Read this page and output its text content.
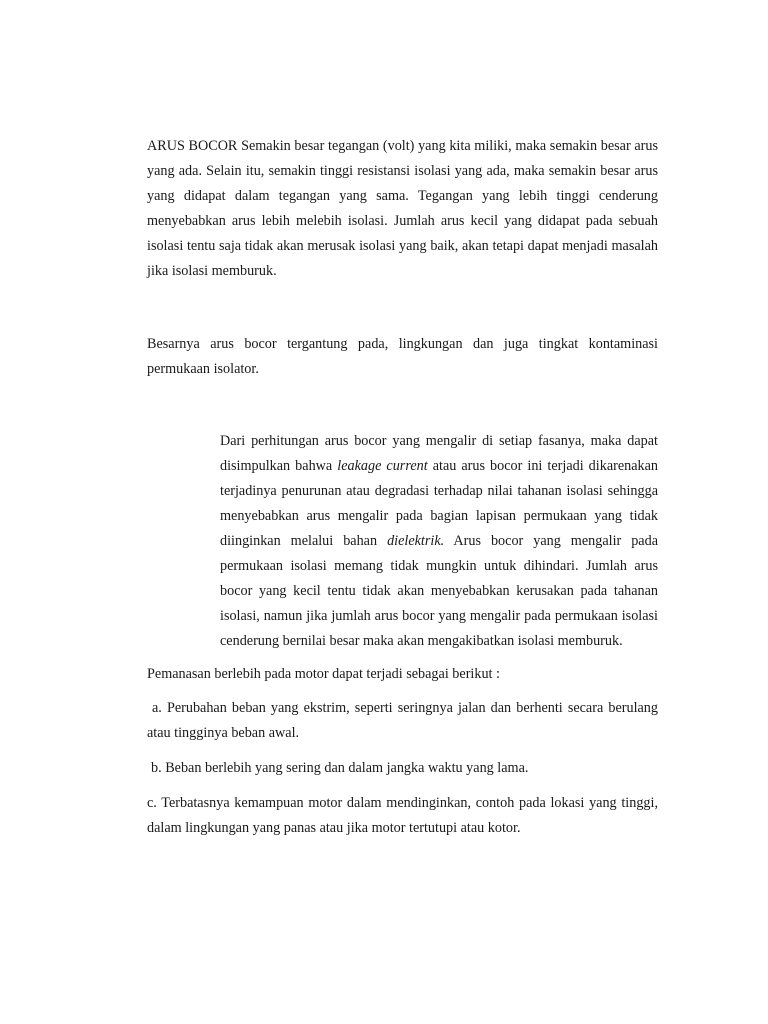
ARUS BOCOR Semakin besar tegangan (volt) yang kita miliki, maka semakin besar arus yang ada. Selain itu, semakin tinggi resistansi isolasi yang ada, maka semakin besar arus yang didapat dalam tegangan yang sama. Tegangan yang lebih tinggi cenderung menyebabkan arus lebih melebih isolasi. Jumlah arus kecil yang didapat pada sebuah isolasi tentu saja tidak akan merusak isolasi yang baik, akan tetapi dapat menjadi masalah jika isolasi memburuk.

Besarnya arus bocor tergantung pada, lingkungan dan juga tingkat kontaminasi permukaan isolator.

Dari perhitungan arus bocor yang mengalir di setiap fasanya, maka dapat disimpulkan bahwa leakage current atau arus bocor ini terjadi dikarenakan terjadinya penurunan atau degradasi terhadap nilai tahanan isolasi sehingga menyebabkan arus mengalir pada bagian lapisan permukaan yang tidak diinginkan melalui bahan dielektrik. Arus bocor yang mengalir pada permukaan isolasi memang tidak mungkin untuk dihindari. Jumlah arus bocor yang kecil tentu tidak akan menyebabkan kerusakan pada tahanan isolasi, namun jika jumlah arus bocor yang mengalir pada permukaan isolasi cenderung bernilai besar maka akan mengakibatkan isolasi memburuk.

Pemanasan berlebih pada motor dapat terjadi sebagai berikut :

a. Perubahan beban yang ekstrim, seperti seringnya jalan dan berhenti secara berulang atau tingginya beban awal.

b. Beban berlebih yang sering dan dalam jangka waktu yang lama.

c. Terbatasnya kemampuan motor dalam mendinginkan, contoh pada lokasi yang tinggi, dalam lingkungan yang panas atau jika motor tertutupi atau kotor.
